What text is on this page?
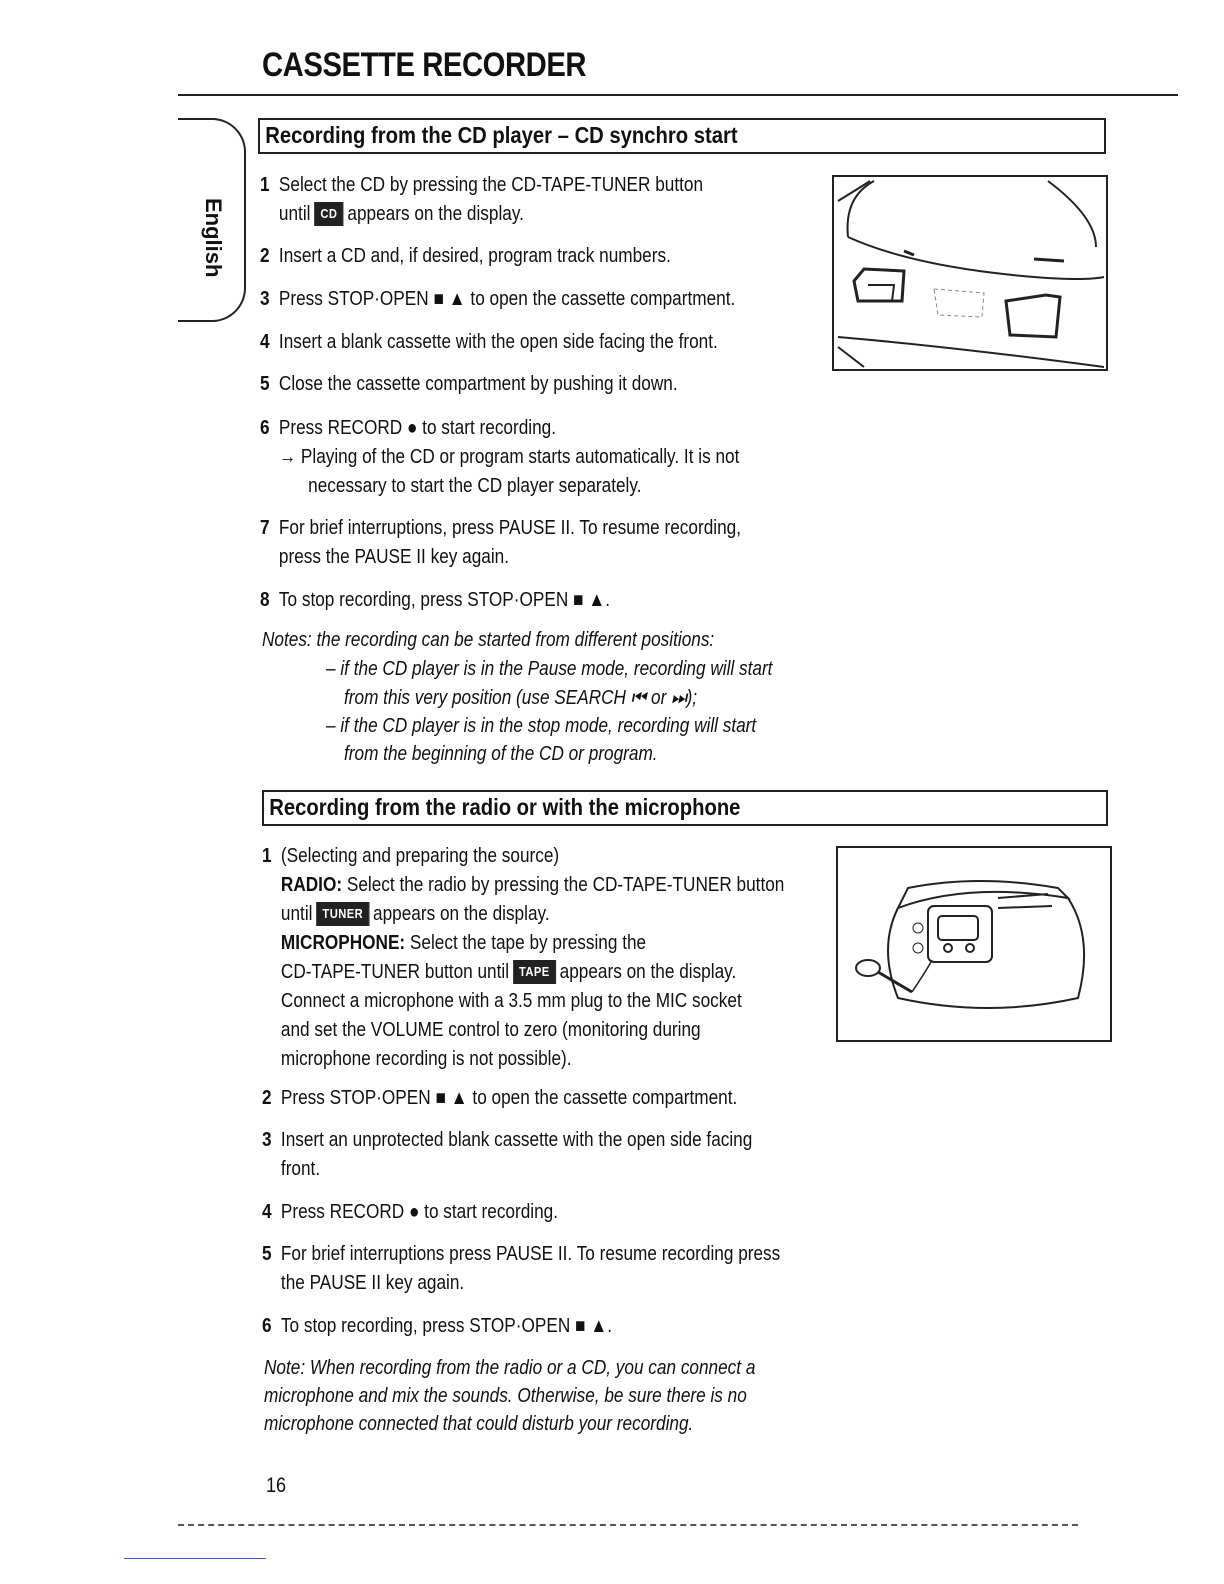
CASSETTE RECORDER
English
Recording from the CD player – CD synchro start
1 Select the CD by pressing the CD-TAPE-TUNER button
until CD appears on the display.
2 Insert a CD and, if desired, program track numbers.
3 Press STOP·OPEN ■ ▲ to open the cassette compartment.
4 Insert a blank cassette with the open side facing the front.
5 Close the cassette compartment by pushing it down.
6 Press RECORD ● to start recording.
→ Playing of the CD or program starts automatically. It is not
necessary to start the CD player separately.
7 For brief interruptions, press PAUSE II. To resume recording,
press the PAUSE II key again.
8 To stop recording, press STOP·OPEN ■ ▲.
Notes: the recording can be started from different positions:
– if the CD player is in the Pause mode, recording will start
from this very position (use SEARCH ⏮ or ⏭);
– if the CD player is in the stop mode, recording will start
from the beginning of the CD or program.
Recording from the radio or with the microphone
1 (Selecting and preparing the source)
RADIO: Select the radio by pressing the CD-TAPE-TUNER button
until TUNER appears on the display.
MICROPHONE: Select the tape by pressing the
CD-TAPE-TUNER button until TAPE appears on the display.
Connect a microphone with a 3.5 mm plug to the MIC socket
and set the VOLUME control to zero (monitoring during
microphone recording is not possible).
2 Press STOP·OPEN ■ ▲ to open the cassette compartment.
3 Insert an unprotected blank cassette with the open side facing
front.
4 Press RECORD ● to start recording.
5 For brief interruptions press PAUSE II. To resume recording press
the PAUSE II key again.
6 To stop recording, press STOP·OPEN ■ ▲.
Note: When recording from the radio or a CD, you can connect a
microphone and mix the sounds. Otherwise, be sure there is no
microphone connected that could disturb your recording.
16
